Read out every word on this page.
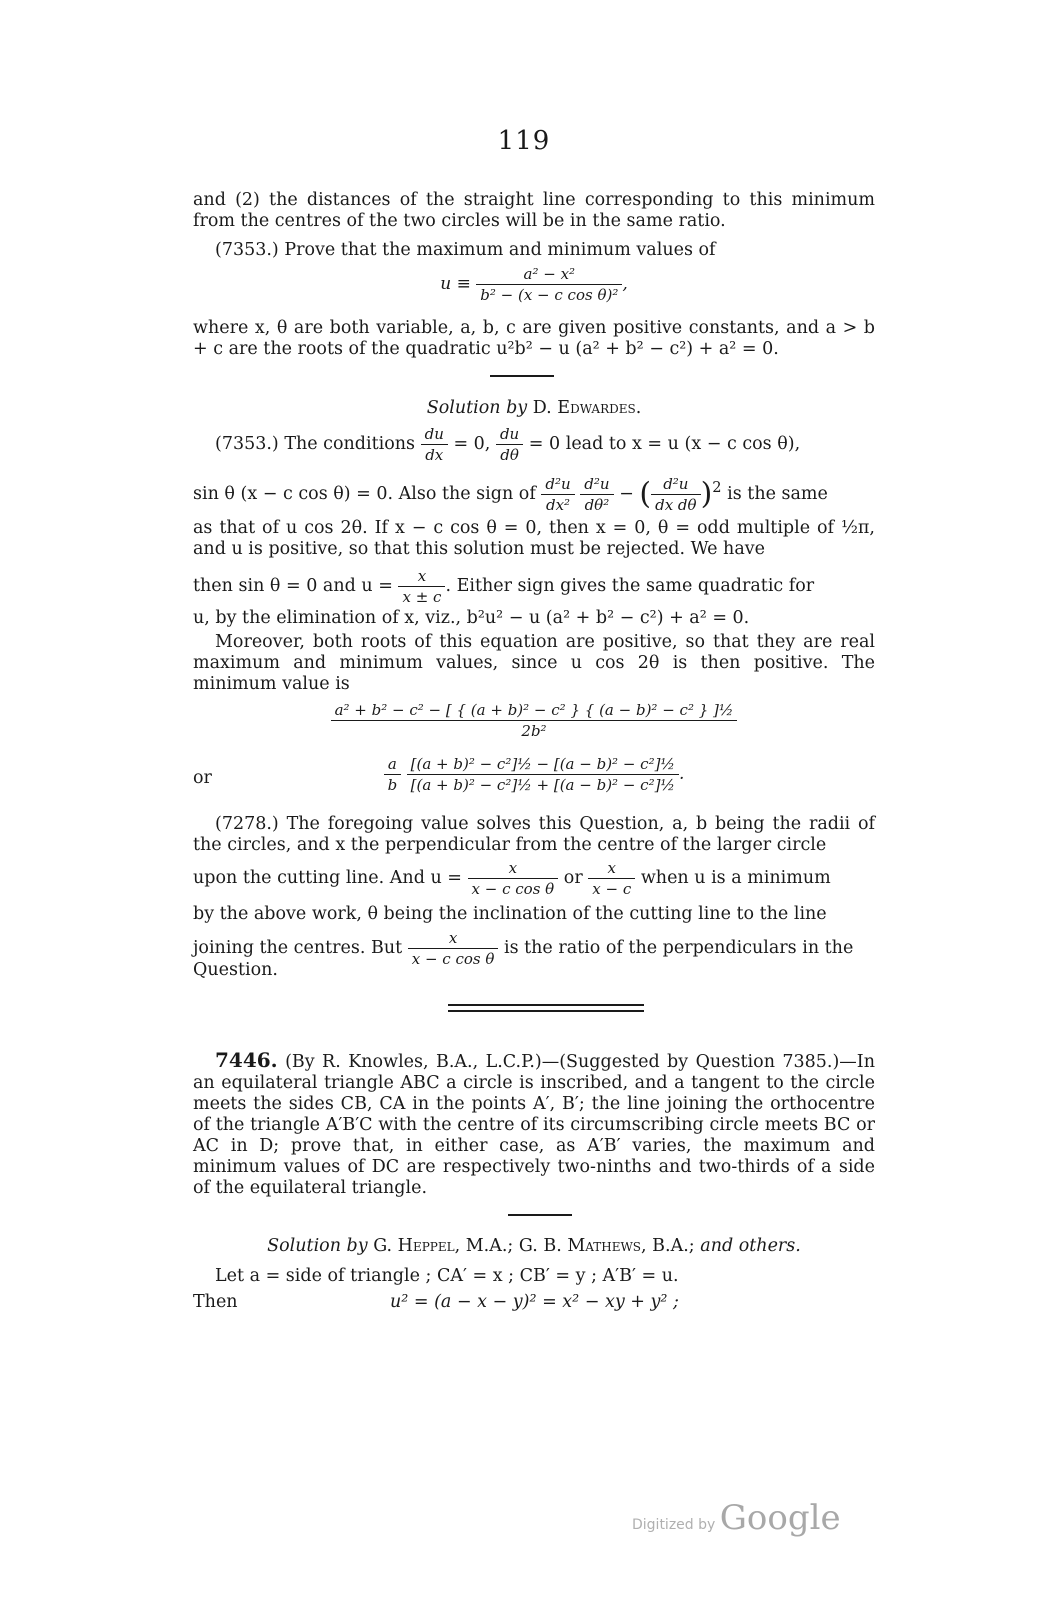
119

and (2) the distances of the straight line corresponding to this minimum from the centres of the two circles will be in the same ratio.

(7353.) Prove that the maximum and minimum values of

$u \equiv \frac{\text{a² − x²}}{\text{b² − (x − c cos θ)²}}$ ,

where x, θ are both variable, a, b, c are given positive constants, and a > b + c are the roots of the quadratic u²b² − u (a² + b² − c²) + a² = 0.

Solution by D. Edwardes.
(7353.) The conditions $\frac{du}{dx} = 0$, $\frac{du}{d\theta} = 0$ lead to x = u (x − c cos θ),
sin θ (x − c cos θ) = 0. Also the sign of $\frac{\text{d²u}}{\text{dx²}}$
$\frac{\text{d²u}}{\text{dθ²}}$ − ( $\frac{\text{d²u}}{\text{dx dθ}} )^2$ is the same

as that of u cos 2θ. If x − c cos θ = 0, then x = 0, θ = odd multiple of ½π, and u is positive, so that this solution must be rejected. We have

then sin θ = 0 and $u = \frac{x}{x \pm c}$ . Either sign gives the same quadratic for

u, by the elimination of x, viz., b²u² − u (a² + b² − c²) + a² = 0.

Moreover, both roots of this equation are positive, so that they are real maximum and minimum values, since u cos 2θ is then positive. The minimum value is

$\frac{\text{a² + b² − c² − [ \{ (a + b)² − c² \} \{ (a − b)² − c² \} ]½}}{\text{2b²}}$
or	$\frac{a}{b}$
$\frac{\text{[(a + b)² − c²]½ − [(a − b)² − c²]½}}{\text{[(a + b)² − c²]½ + [(a − b)² − c²]½}}$ .

(7278.) The foregoing value solves this Question, a, b being the radii of the circles, and x the perpendicular from the centre of the larger circle

upon the cutting line. And $u = \frac{x}{\text{x − c cos θ}}$ or $\frac{x}{x - c}$ when u is a minimum

by the above work, θ being the inclination of the cutting line to the line

joining the centres. But $\frac{x}{\text{x − c cos θ}}$ is the ratio of the perpendiculars in the

Question.

7446. (By R. Knowles, B.A., L.C.P.)—(Suggested by Question 7385.)—In an equilateral triangle ABC a circle is inscribed, and a tangent to the circle meets the sides CB, CA in the points A′, B′; the line joining the orthocentre of the triangle A′B′C with the centre of its circumscribing circle meets BC or AC in D; prove that, in either case, as A′B′ varies, the maximum and minimum values of DC are respectively two-ninths and two-thirds of a side of the equilateral triangle.

Solution by G. Heppel, M.A.; G. B. Mathews, B.A.; and others.

Let a = side of triangle ; CA′ = x ; CB′ = y ; A′B′ = u.

Then	u² = (a − x − y)² = x² − xy + y² ;
Digitized by Google
